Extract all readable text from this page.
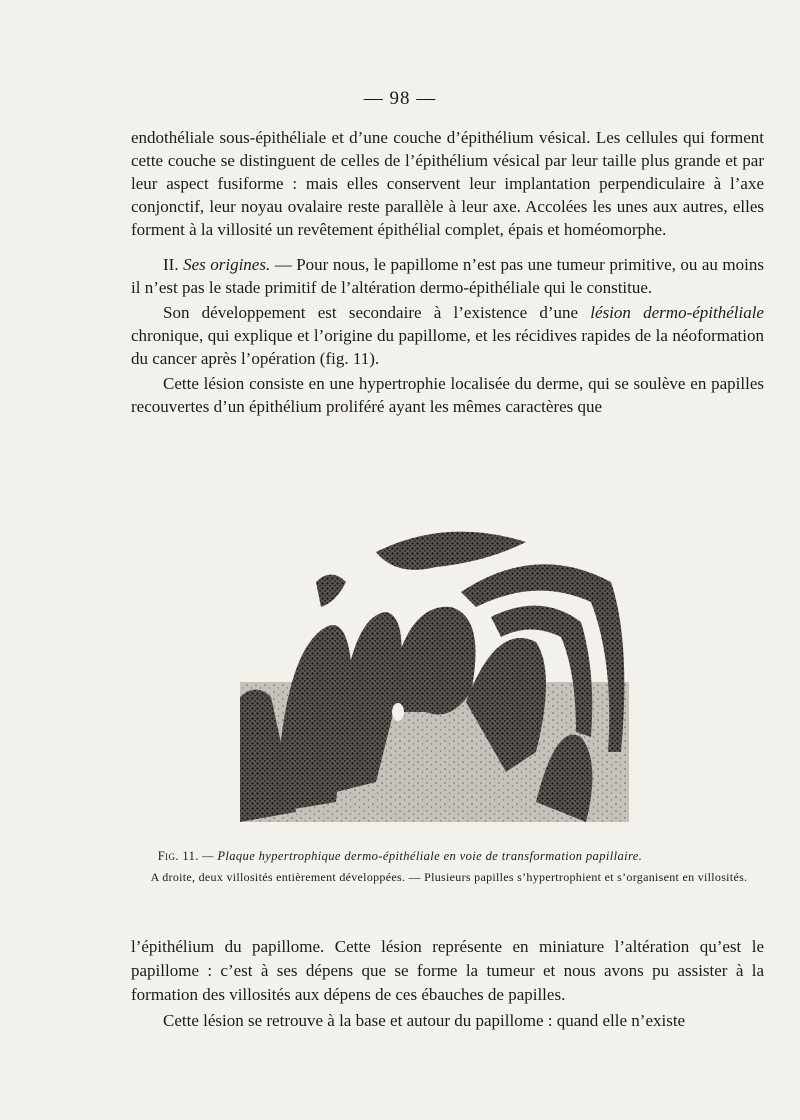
— 98 —

endothéliale sous-épithéliale et d’une couche d’épithélium vésical. Les cellules qui forment cette couche se distinguent de celles de l’épithélium vésical par leur taille plus grande et par leur aspect fusiforme : mais elles conservent leur implantation perpendiculaire à l’axe conjonctif, leur noyau ovalaire reste parallèle à leur axe. Accolées les unes aux autres, elles forment à la villosité un revêtement épithélial complet, épais et homéomorphe.

II. Ses origines. — Pour nous, le papillome n’est pas une tumeur primitive, ou au moins il n’est pas le stade primitif de l’altération dermo-épithéliale qui le constitue.

Son développement est secondaire à l’existence d’une lésion dermo-épithéliale chronique, qui explique et l’origine du papillome, et les récidives rapides de la néoformation du cancer après l’opération (fig. 11).

Cette lésion consiste en une hypertrophie localisée du derme, qui se soulève en papilles recouvertes d’un épithélium proliféré ayant les mêmes caractères que

Fig. 11. — Plaque hypertrophique dermo-épithéliale en voie de transformation papillaire.
A droite, deux villosités entièrement développées. — Plusieurs papilles s’hypertrophient et s’organisent en villosités.

l’épithélium du papillome. Cette lésion représente en miniature l’altération qu’est le papillome : c’est à ses dépens que se forme la tumeur et nous avons pu assister à la formation des villosités aux dépens de ces ébauches de papilles.

Cette lésion se retrouve à la base et autour du papillome : quand elle n’existe
